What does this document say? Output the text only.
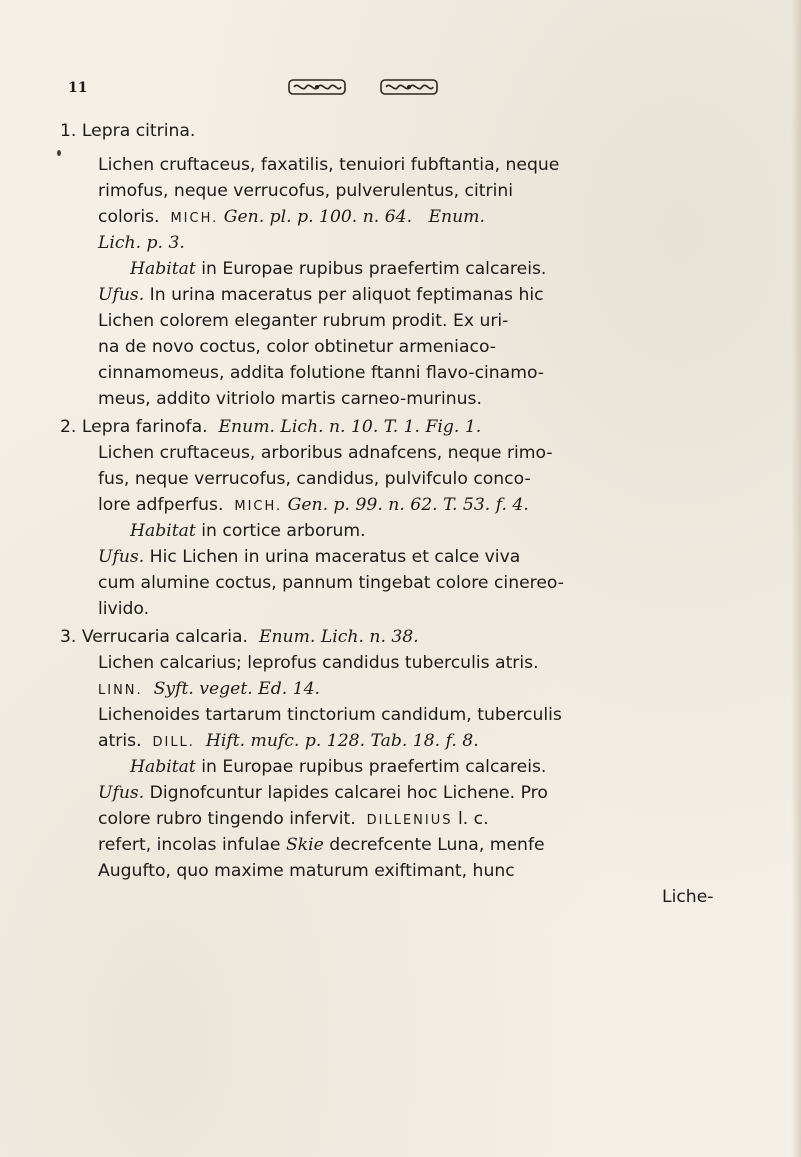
11
1. Lepra citrina.
Lichen cruftaceus, faxatilis, tenuiori fubftantia, neque
rimofus, neque verrucofus, pulverulentus, citrini
coloris. MICH. Gen. pl. p. 100. n. 64. Enum.
Lich. p. 3.
Habitat in Europae rupibus praefertim calcareis.
Ufus. In urina maceratus per aliquot feptimanas hic
Lichen colorem eleganter rubrum prodit. Ex uri-
na de novo coctus, color obtinetur armeniaco-
cinnamomeus, addita folutione ftanni flavo-cinamo-
meus, addito vitriolo martis carneo-murinus.
2. Lepra farinofa. Enum. Lich. n. 10. T. 1. Fig. 1.
Lichen cruftaceus, arboribus adnafcens, neque rimo-
fus, neque verrucofus, candidus, pulvifculo conco-
lore adfperfus. MICH. Gen. p. 99. n. 62. T. 53. f. 4.
Habitat in cortice arborum.
Ufus. Hic Lichen in urina maceratus et calce viva
cum alumine coctus, pannum tingebat colore cinereo-
livido.
3. Verrucaria calcaria. Enum. Lich. n. 38.
Lichen calcarius; leprofus candidus tuberculis atris.
LINN. Syft. veget. Ed. 14.
Lichenoides tartarum tinctorium candidum, tuberculis
atris. DILL. Hift. mufc. p. 128. Tab. 18. f. 8.
Habitat in Europae rupibus praefertim calcareis.
Ufus. Dignofcuntur lapides calcarei hoc Lichene. Pro
colore rubro tingendo infervit. DILLENIUS l. c.
refert, incolas infulae Skie decrefcente Luna, menfe
Augufto, quo maxime maturum exiftimant, hunc
Liche-
